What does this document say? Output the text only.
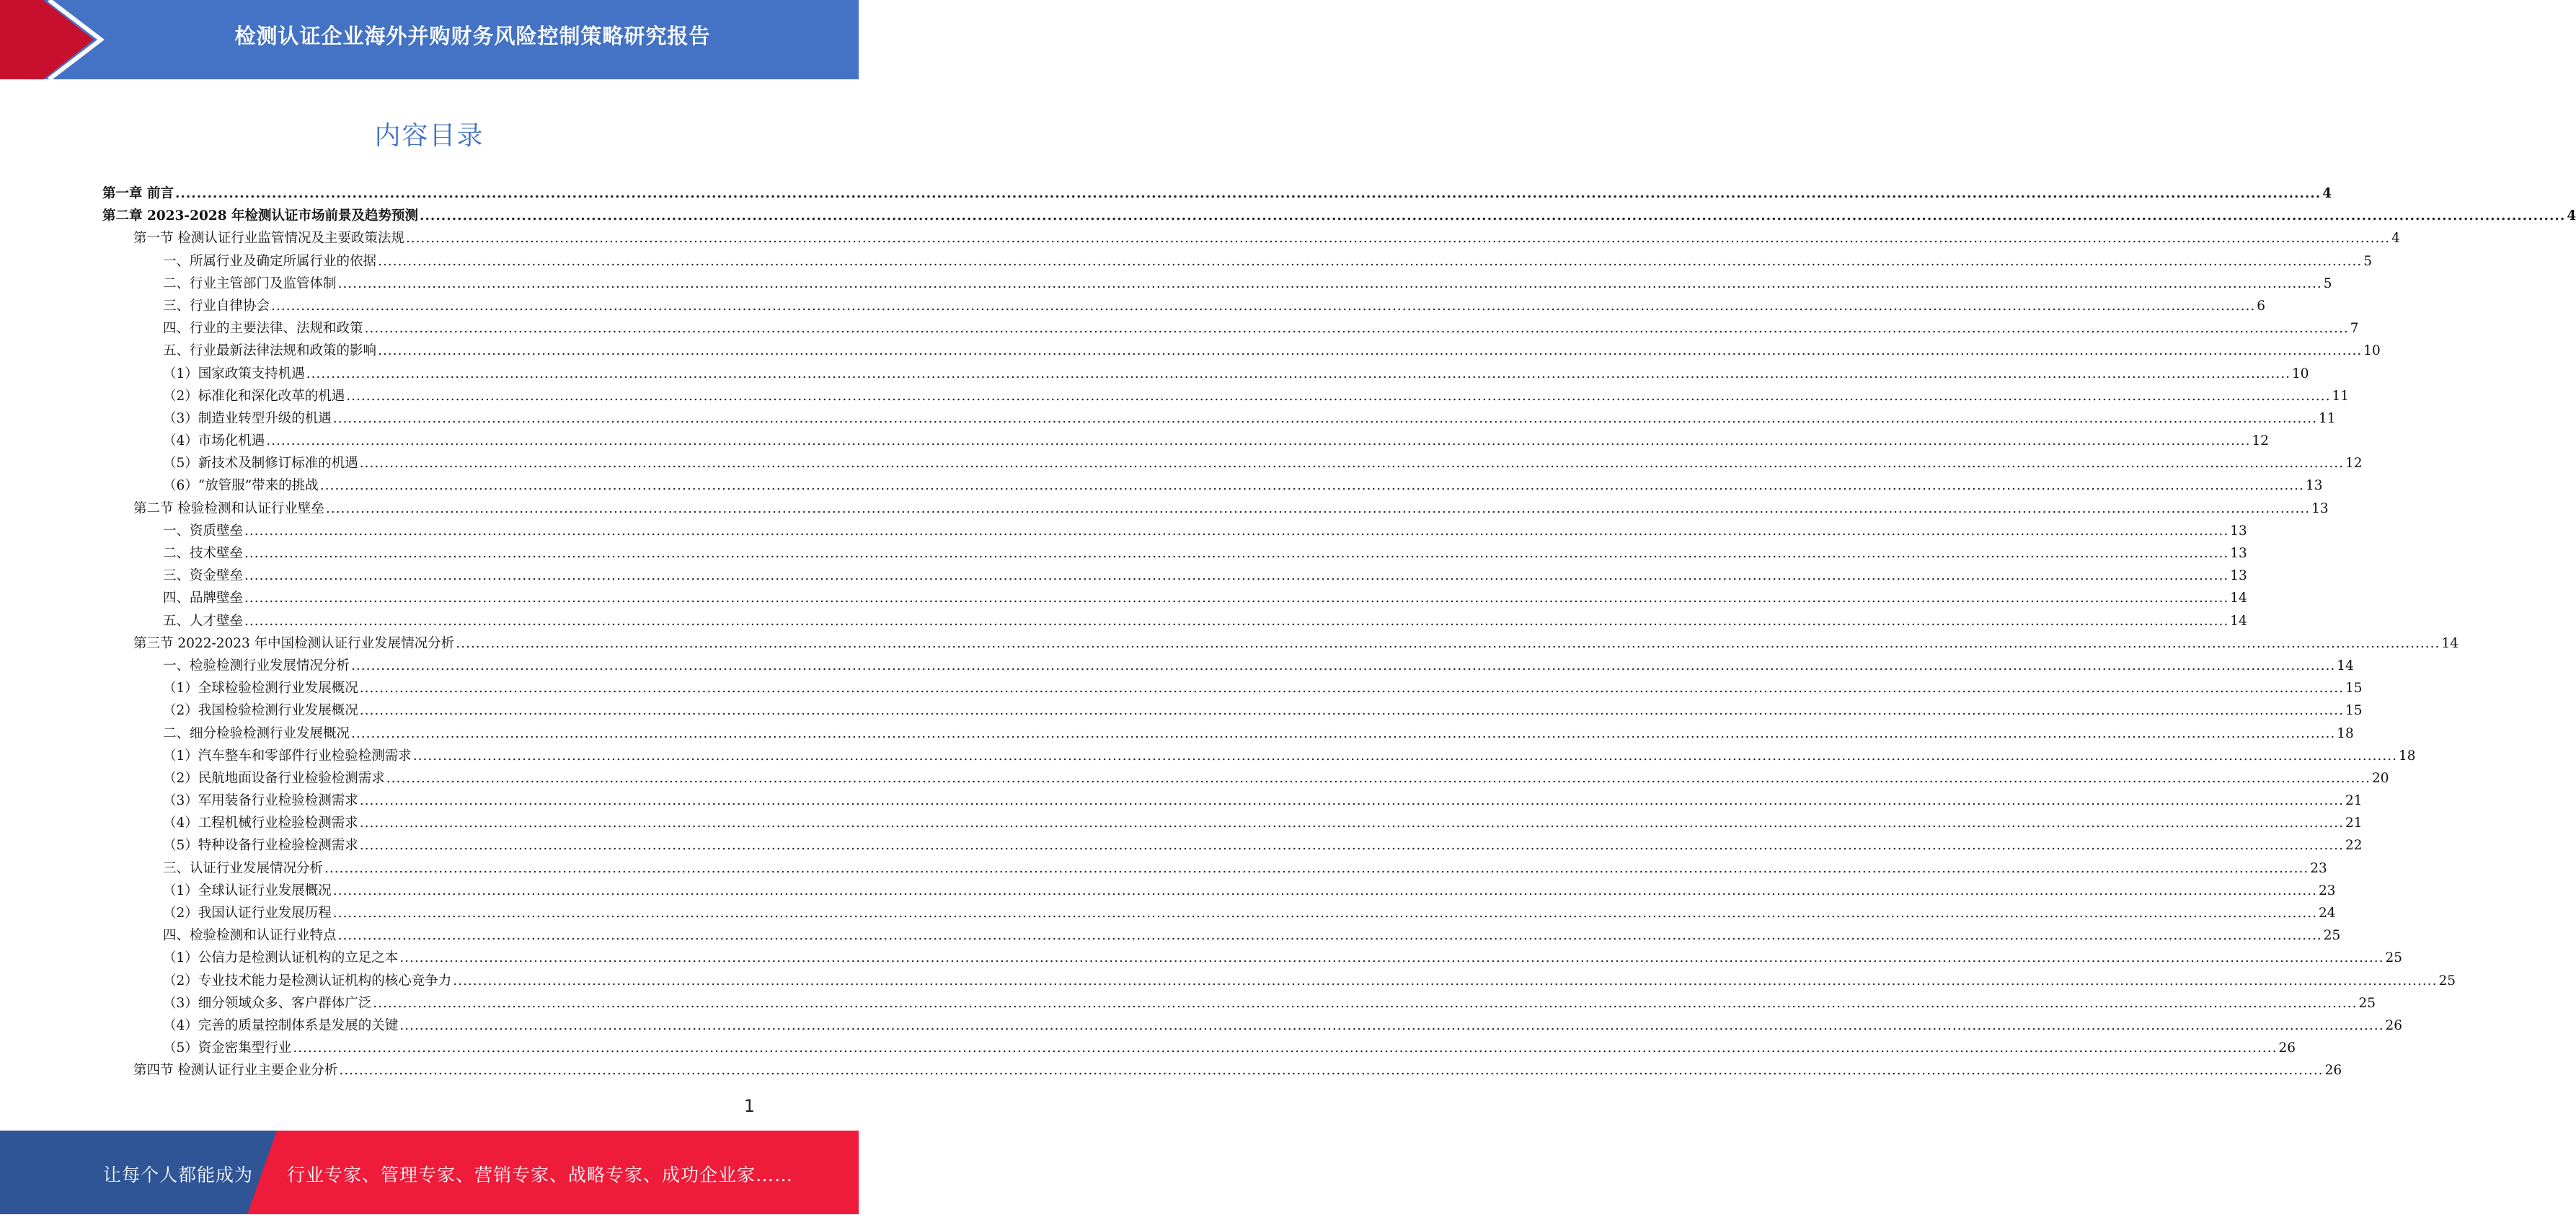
检测认证企业海外并购财务风险控制策略研究报告
内容目录
第一章 前言 ................................................................................................................................................................................................................................................................................................................................................................................................................ 4
第二章 2023-2028 年检测认证市场前景及趋势预测 ................................................................................................................................................................................................................................................................................................................................................................................................................ 4
第一节 检测认证行业监管情况及主要政策法规 ................................................................................................................................................................................................................................................................................................................................................................................................................ 4
一、所属行业及确定所属行业的依据 ................................................................................................................................................................................................................................................................................................................................................................................................................ 5
二、行业主管部门及监管体制 ................................................................................................................................................................................................................................................................................................................................................................................................................ 5
三、行业自律协会 ................................................................................................................................................................................................................................................................................................................................................................................................................ 6
四、行业的主要法律、法规和政策 ................................................................................................................................................................................................................................................................................................................................................................................................................ 7
五、行业最新法律法规和政策的影响 ................................................................................................................................................................................................................................................................................................................................................................................................................ 10
（1）国家政策支持机遇 ................................................................................................................................................................................................................................................................................................................................................................................................................ 10
（2）标准化和深化改革的机遇 ................................................................................................................................................................................................................................................................................................................................................................................................................ 11
（3）制造业转型升级的机遇 ................................................................................................................................................................................................................................................................................................................................................................................................................ 11
（4）市场化机遇 ................................................................................................................................................................................................................................................................................................................................................................................................................ 12
（5）新技术及制修订标准的机遇 ................................................................................................................................................................................................................................................................................................................................................................................................................ 12
（6）“放管服”带来的挑战 ................................................................................................................................................................................................................................................................................................................................................................................................................ 13
第二节 检验检测和认证行业壁垒 ................................................................................................................................................................................................................................................................................................................................................................................................................ 13
一、资质壁垒 ................................................................................................................................................................................................................................................................................................................................................................................................................ 13
二、技术壁垒 ................................................................................................................................................................................................................................................................................................................................................................................................................ 13
三、资金壁垒 ................................................................................................................................................................................................................................................................................................................................................................................................................ 13
四、品牌壁垒 ................................................................................................................................................................................................................................................................................................................................................................................................................ 14
五、人才壁垒 ................................................................................................................................................................................................................................................................................................................................................................................................................ 14
第三节 2022-2023 年中国检测认证行业发展情况分析 ................................................................................................................................................................................................................................................................................................................................................................................................................ 14
一、检验检测行业发展情况分析 ................................................................................................................................................................................................................................................................................................................................................................................................................ 14
（1）全球检验检测行业发展概况 ................................................................................................................................................................................................................................................................................................................................................................................................................ 15
（2）我国检验检测行业发展概况 ................................................................................................................................................................................................................................................................................................................................................................................................................ 15
二、细分检验检测行业发展概况 ................................................................................................................................................................................................................................................................................................................................................................................................................ 18
（1）汽车整车和零部件行业检验检测需求 ................................................................................................................................................................................................................................................................................................................................................................................................................ 18
（2）民航地面设备行业检验检测需求 ................................................................................................................................................................................................................................................................................................................................................................................................................ 20
（3）军用装备行业检验检测需求 ................................................................................................................................................................................................................................................................................................................................................................................................................ 21
（4）工程机械行业检验检测需求 ................................................................................................................................................................................................................................................................................................................................................................................................................ 21
（5）特种设备行业检验检测需求 ................................................................................................................................................................................................................................................................................................................................................................................................................ 22
三、认证行业发展情况分析 ................................................................................................................................................................................................................................................................................................................................................................................................................ 23
（1）全球认证行业发展概况 ................................................................................................................................................................................................................................................................................................................................................................................................................ 23
（2）我国认证行业发展历程 ................................................................................................................................................................................................................................................................................................................................................................................................................ 24
四、检验检测和认证行业特点 ................................................................................................................................................................................................................................................................................................................................................................................................................ 25
（1）公信力是检测认证机构的立足之本 ................................................................................................................................................................................................................................................................................................................................................................................................................ 25
（2）专业技术能力是检测认证机构的核心竞争力 ................................................................................................................................................................................................................................................................................................................................................................................................................ 25
（3）细分领域众多、客户群体广泛 ................................................................................................................................................................................................................................................................................................................................................................................................................ 25
（4）完善的质量控制体系是发展的关键 ................................................................................................................................................................................................................................................................................................................................................................................................................ 26
（5）资金密集型行业 ................................................................................................................................................................................................................................................................................................................................................................................................................ 26
第四节 检测认证行业主要企业分析 ................................................................................................................................................................................................................................................................................................................................................................................................................ 26
1
让每个人都能成为 行业专家、管理专家、营销专家、战略专家、成功企业家……
